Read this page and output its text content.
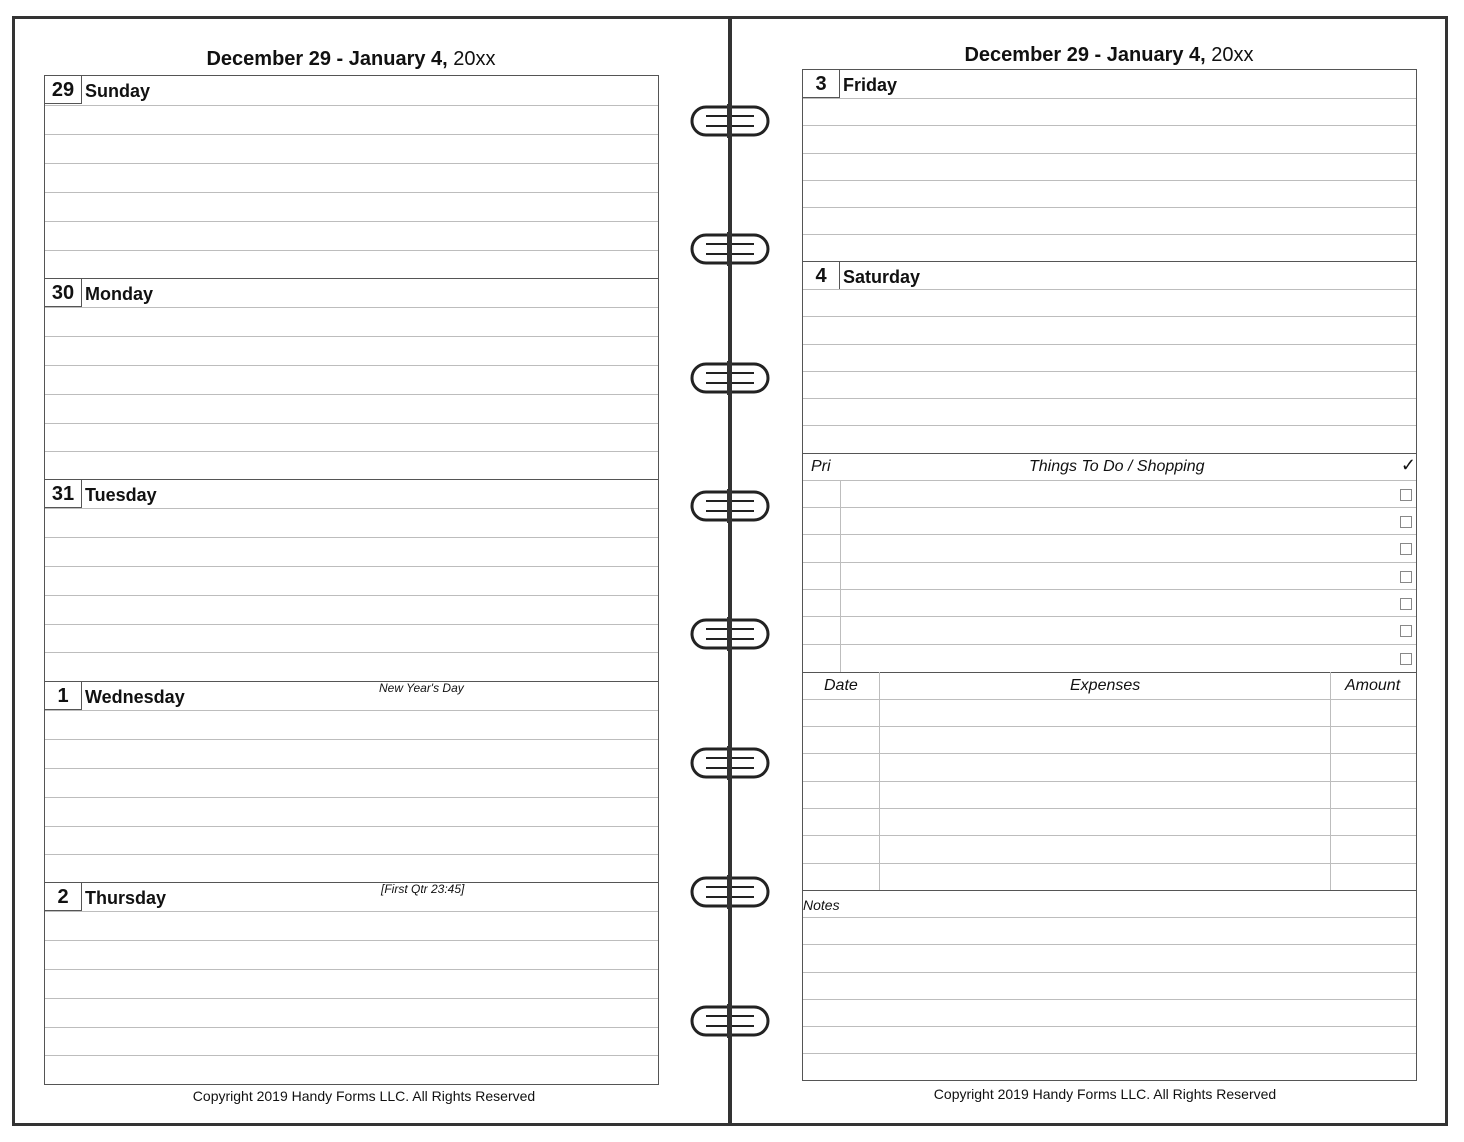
December 29 - January 4, 20xx
29 Sunday
30 Monday
31 Tuesday
1 Wednesday	New Year's Day
2 Thursday	[First Qtr 23:45]
Copyright 2019 Handy Forms LLC. All Rights Reserved
December 29 - January 4, 20xx
3 Friday
4 Saturday
Pri	Things To Do / Shopping	✓
Date	Expenses	Amount
Notes
Copyright 2019 Handy Forms LLC. All Rights Reserved
